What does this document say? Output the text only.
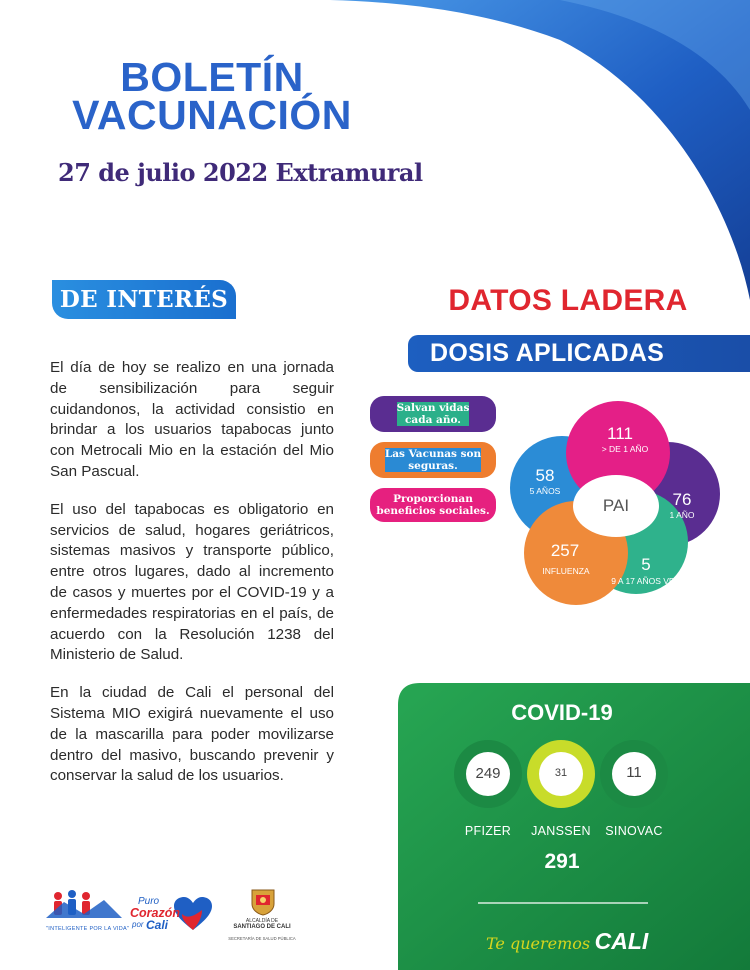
BOLETÍN
VACUNACIÓN
27 de julio 2022 Extramural
DE INTERÉS

El día de hoy se realizo en una jornada de sensibilización para seguir cuidandonos, la actividad consistio en brindar a los usuarios tapabocas junto con Metrocali Mio en la estación del Mio San Pascual.

El uso del tapabocas es obligatorio en servicios de salud, hogares geriátricos, sistemas masivos y transporte público, entre otros lugares, dado al incremento de casos y muertes por el COVID-19 y a enfermedades respiratorias en el país, de acuerdo con la Resolución 1238 del Ministerio de Salud.

En la ciudad de Cali el personal del Sistema MIO exigirá nuevamente el uso de la mascarilla para poder movilizarse dentro del masivo, buscando prevenir y conservar la salud de los usuarios.

DATOS LADERA
DOSIS APLICADAS
Salvan vidas
cada año.
Las Vacunas son
seguras.
Proporcionan
beneficios sociales.
Es un derecho basico
de los ciudadanos.
Forma parte de
un estilo
de vida saludable.
PAI
111
> DE 1 AÑO
58
5 AÑOS	76
1 AÑO
257
INFLUENZA	5
9 A 17 AÑOS VPH
COVID-19
249	31	11
PFIZER	JANSSEN	SINOVAC
291
Te queremos CALI
"INTELIGENTE POR LA VIDA"
Puro
Corazón
por Cali	ALCALDÍA DE
SANTIAGO DE CALI
SECRETARÍA DE SALUD PÚBLICA
